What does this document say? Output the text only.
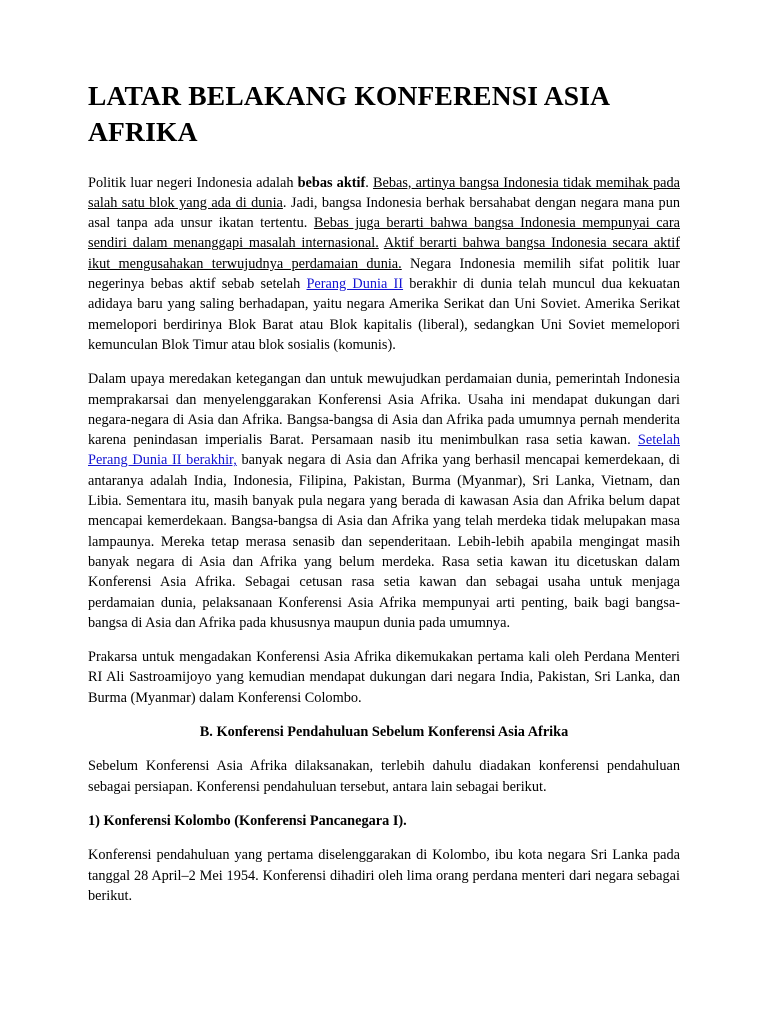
LATAR BELAKANG KONFERENSI ASIA AFRIKA

Politik luar negeri Indonesia adalah bebas aktif. Bebas, artinya bangsa Indonesia tidak memihak pada salah satu blok yang ada di dunia. Jadi, bangsa Indonesia berhak bersahabat dengan negara mana pun asal tanpa ada unsur ikatan tertentu. Bebas juga berarti bahwa bangsa Indonesia mempunyai cara sendiri dalam menanggapi masalah internasional. Aktif berarti bahwa bangsa Indonesia secara aktif ikut mengusahakan terwujudnya perdamaian dunia. Negara Indonesia memilih sifat politik luar negerinya bebas aktif sebab setelah Perang Dunia II berakhir di dunia telah muncul dua kekuatan adidaya baru yang saling berhadapan, yaitu negara Amerika Serikat dan Uni Soviet. Amerika Serikat memelopori berdirinya Blok Barat atau Blok kapitalis (liberal), sedangkan Uni Soviet memelopori kemunculan Blok Timur atau blok sosialis (komunis).

Dalam upaya meredakan ketegangan dan untuk mewujudkan perdamaian dunia, pemerintah Indonesia memprakarsai dan menyelenggarakan Konferensi Asia Afrika. Usaha ini mendapat dukungan dari negara-negara di Asia dan Afrika. Bangsa-bangsa di Asia dan Afrika pada umumnya pernah menderita karena penindasan imperialis Barat. Persamaan nasib itu menimbulkan rasa setia kawan. Setelah Perang Dunia II berakhir, banyak negara di Asia dan Afrika yang berhasil mencapai kemerdekaan, di antaranya adalah India, Indonesia, Filipina, Pakistan, Burma (Myanmar), Sri Lanka, Vietnam, dan Libia. Sementara itu, masih banyak pula negara yang berada di kawasan Asia dan Afrika belum dapat mencapai kemerdekaan. Bangsa-bangsa di Asia dan Afrika yang telah merdeka tidak melupakan masa lampaunya. Mereka tetap merasa senasib dan sependeritaan. Lebih-lebih apabila mengingat masih banyak negara di Asia dan Afrika yang belum merdeka. Rasa setia kawan itu dicetuskan dalam Konferensi Asia Afrika. Sebagai cetusan rasa setia kawan dan sebagai usaha untuk menjaga perdamaian dunia, pelaksanaan Konferensi Asia Afrika mempunyai arti penting, baik bagi bangsa-bangsa di Asia dan Afrika pada khususnya maupun dunia pada umumnya.

Prakarsa untuk mengadakan Konferensi Asia Afrika dikemukakan pertama kali oleh Perdana Menteri RI Ali Sastroamijoyo yang kemudian mendapat dukungan dari negara India, Pakistan, Sri Lanka, dan Burma (Myanmar) dalam Konferensi Colombo.

B. Konferensi Pendahuluan Sebelum Konferensi Asia Afrika

Sebelum Konferensi Asia Afrika dilaksanakan, terlebih dahulu diadakan konferensi pendahuluan sebagai persiapan. Konferensi pendahuluan tersebut, antara lain sebagai berikut.

1) Konferensi Kolombo (Konferensi Pancanegara I).

Konferensi pendahuluan yang pertama diselenggarakan di Kolombo, ibu kota negara Sri Lanka pada tanggal 28 April–2 Mei 1954. Konferensi dihadiri oleh lima orang perdana menteri dari negara sebagai berikut.
